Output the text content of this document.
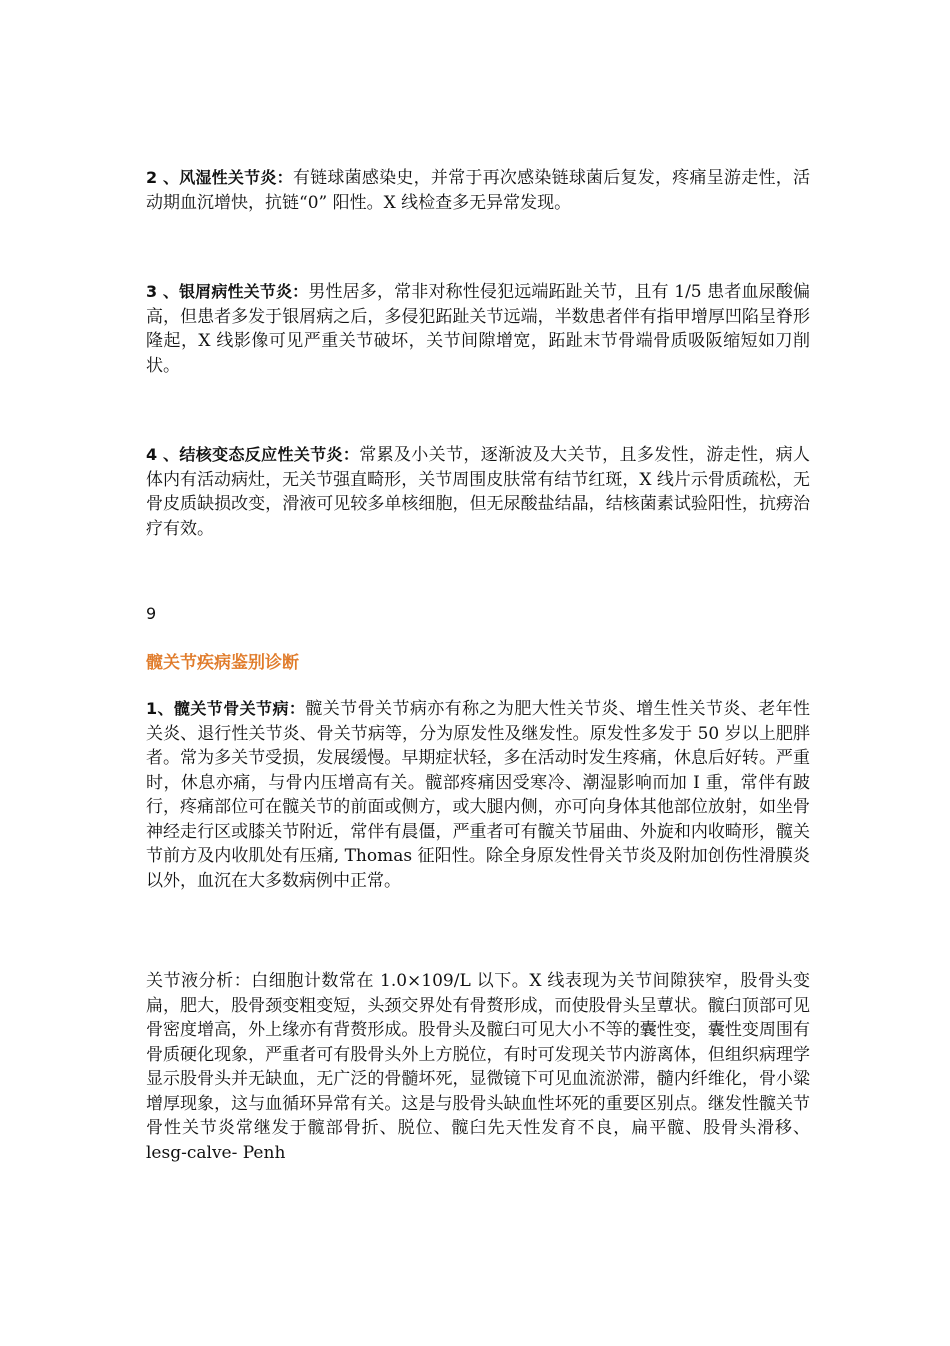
2 、风湿性关节炎：有链球菌感染史，并常于再次感染链球菌后复发，疼痛呈游走性，活动期血沉增快，抗链“0” 阳性。X 线检查多无异常发现。

3 、银屑病性关节炎：男性居多，常非对称性侵犯远端跖趾关节，且有 1/5 患者血尿酸偏高，但患者多发于银屑病之后，多侵犯跖趾关节远端，半数患者伴有指甲增厚凹陷呈脊形隆起，X 线影像可见严重关节破坏，关节间隙增宽，跖趾末节骨端骨质吸阪缩短如刀削状。

4 、结核变态反应性关节炎：常累及小关节，逐渐波及大关节，且多发性，游走性，病人体内有活动病灶，无关节强直畸形，关节周围皮肤常有结节红斑，X 线片示骨质疏松，无骨皮质缺损改变，滑液可见较多单核细胞，但无尿酸盐结晶，结核菌素试验阳性，抗痨治疗有效。

9

髋关节疾病鉴别诊断

1、髋关节骨关节病：髋关节骨关节病亦有称之为肥大性关节炎、增生性关节炎、老年性关炎、退行性关节炎、骨关节病等，分为原发性及继发性。原发性多发于 50 岁以上肥胖者。常为多关节受损，发展缓慢。早期症状轻，多在活动时发生疼痛，休息后好转。严重时，休息亦痛，与骨内压增高有关。髋部疼痛因受寒冷、潮湿影响而加 I 重，常伴有跛行，疼痛部位可在髋关节的前面或侧方，或大腿内侧，亦可向身体其他部位放射，如坐骨神经走行区或膝关节附近，常伴有晨僵，严重者可有髋关节届曲、外旋和内收畸形，髋关节前方及内收肌处有压痛, Thomas 征阳性。除全身原发性骨关节炎及附加创伤性滑膜炎以外，血沉在大多数病例中正常。

关节液分析：白细胞计数常在 1.0×109/L 以下。X 线表现为关节间隙狭窄，股骨头变扁，肥大，股骨颈变粗变短，头颈交界处有骨赘形成，而使股骨头呈蕈状。髋臼顶部可见骨密度增高，外上缘亦有背赘形成。股骨头及髋臼可见大小不等的囊性变，囊性变周围有骨质硬化现象，严重者可有股骨头外上方脱位，有时可发现关节内游离体，但组织病理学显示股骨头并无缺血，无广泛的骨髓坏死，显微镜下可见血流淤滞，髓内纤维化，骨小粱增厚现象，这与血循环异常有关。这是与股骨头缺血性坏死的重要区别点。继发性髋关节骨性关节炎常继发于髋部骨折、脱位、髋臼先天性发育不良，扁平髋、股骨头滑移、lesg-calve- Penh
